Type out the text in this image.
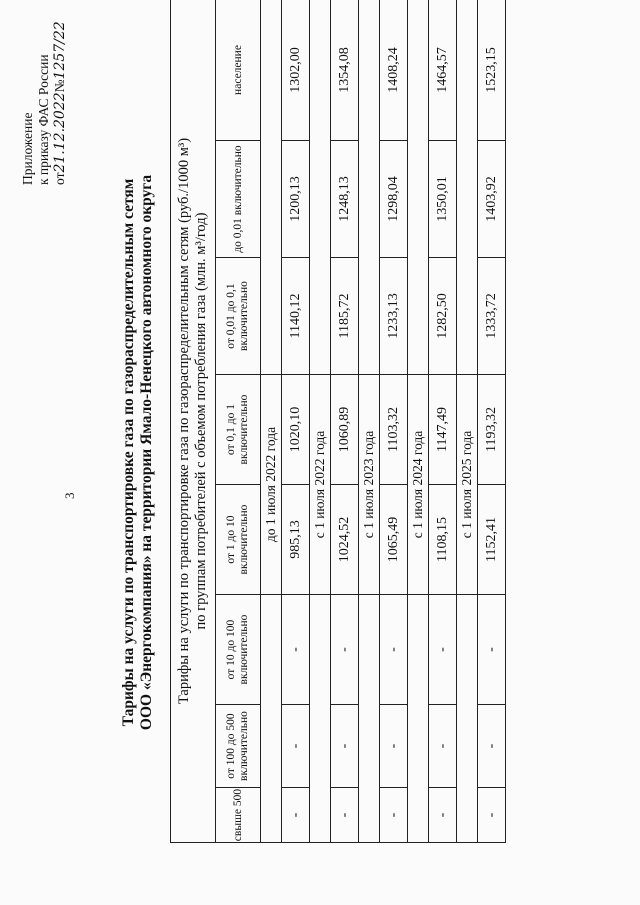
3
Приложение к приказу ФАС России от21.12.2022№1257/22
Тарифы на услуги по транспортировке газа по газораспределительным сетям ООО «Энергокомпания» на территории Ямало-Ненецкого автономного округа Тарифы на услуги по транспортировке газа по газораспределительным сетям (руб./1000 м³) по группам потребителей с объемом потребления газа (млн. м³/год)							

свыше 500	от 100 до 500 включительно	от 10 до 100 включительно	от 1 до 10 включительно	от 0,1 до 1 включительно	от 0,01 до 0,1 включительно	до 0,01 включительно	население
			до 1 июля 2022 года				
-	-	-	985,13	1020,10	1140,12	1200,13	1302,00
			с 1 июля 2022 года				
-	-	-	1024,52	1060,89	1185,72	1248,13	1354,08
			с 1 июля 2023 года				
-	-	-	1065,49	1103,32	1233,13	1298,04	1408,24
			с 1 июля 2024 года				
-	-	-	1108,15	1147,49	1282,50	1350,01	1464,57
			с 1 июля 2025 года				
-	-	-	1152,41	1193,32	1333,72	1403,92	1523,15
